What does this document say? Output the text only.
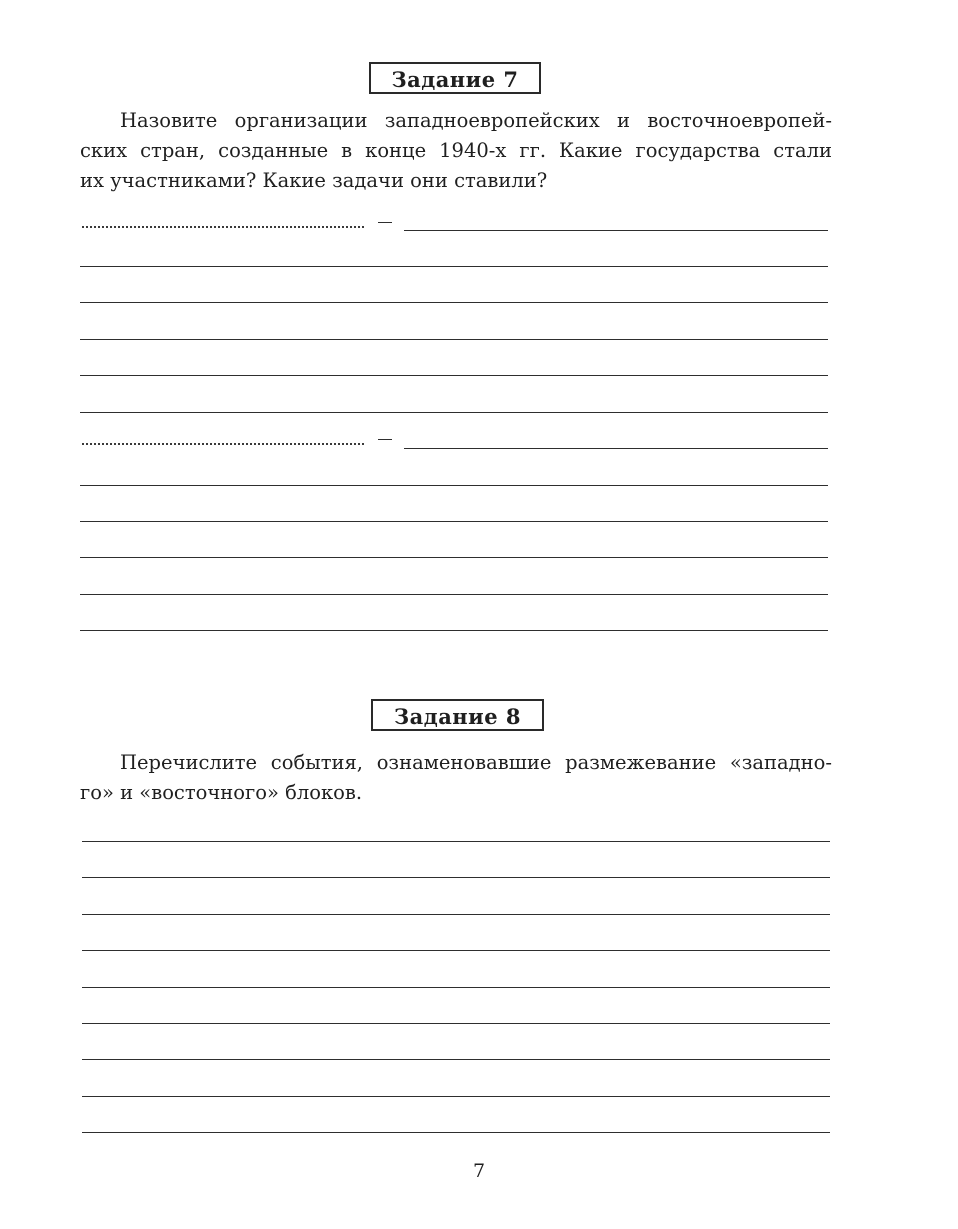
Задание 7
Назовите организации западноевропейских и восточноевропей-
ских стран, созданные в конце 1940-х гг. Какие государства стали
их участниками? Какие задачи они ставили?
Задание 8
Перечислите события, ознаменовавшие размежевание «западно-
го» и «восточного» блоков.
7
